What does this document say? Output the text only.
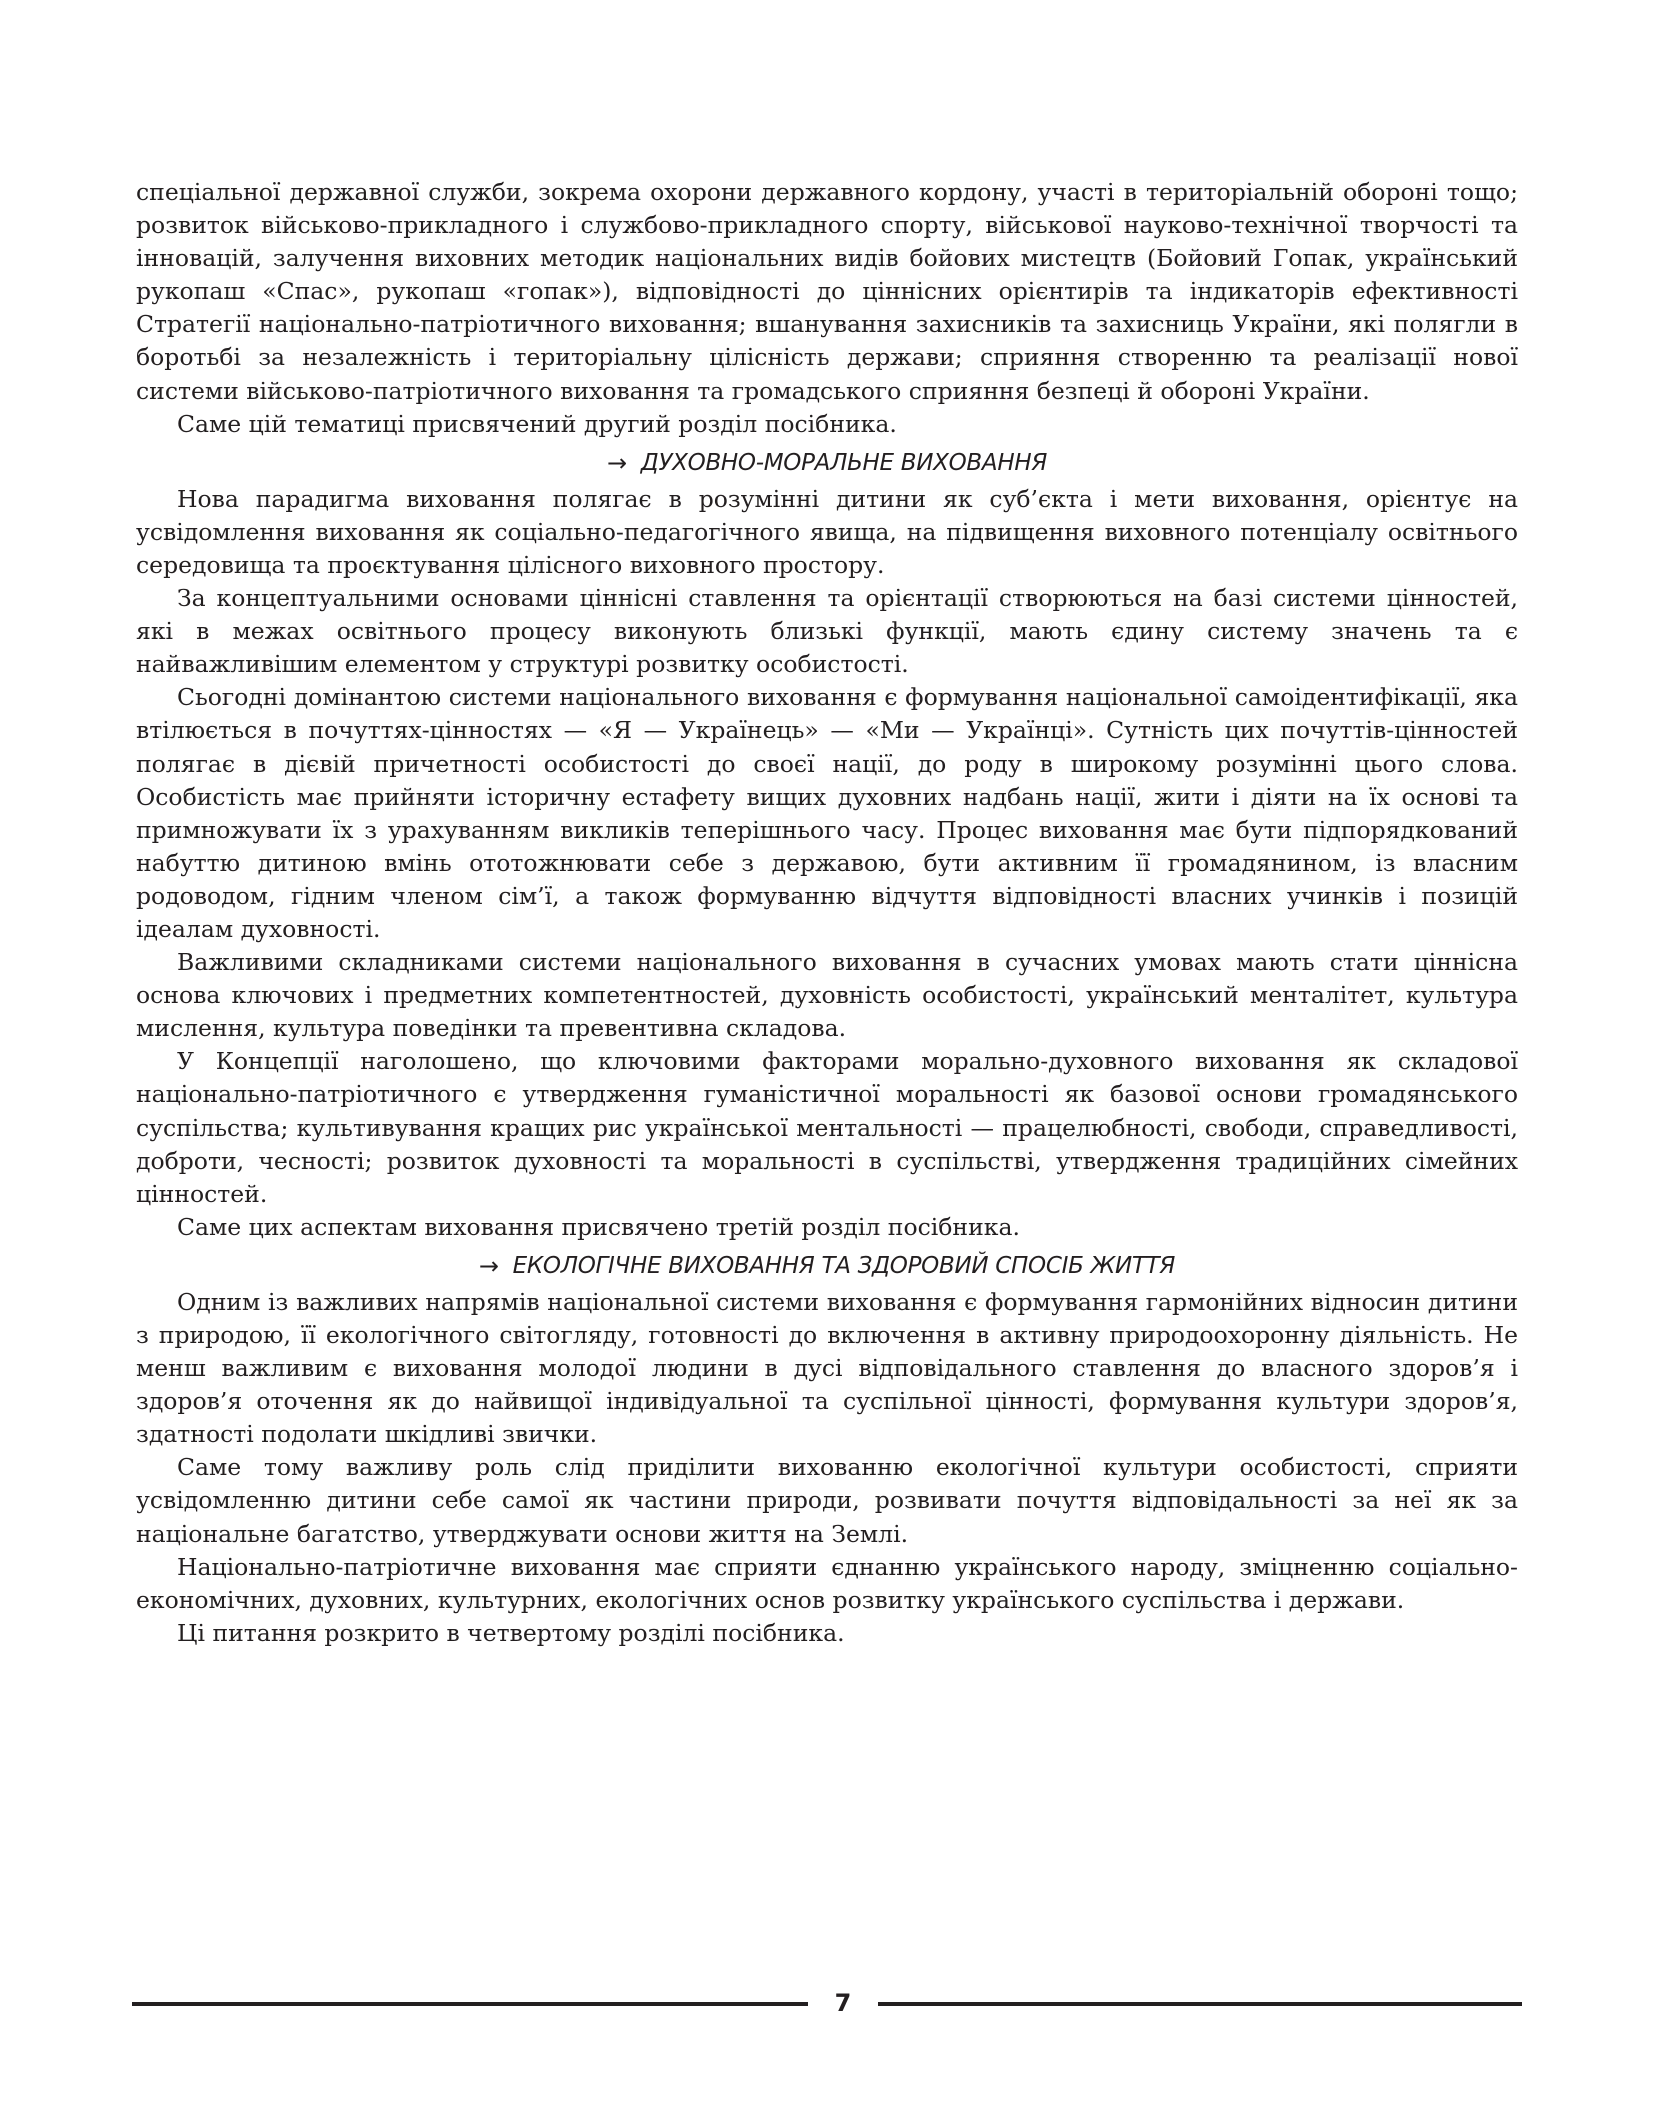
спеціальної державної служби, зокрема охорони державного кордону, участі в територіальній обороні тощо; розвиток військово-прикладного і службово-прикладного спорту, військової науково-технічної творчості та інновацій, залучення виховних методик національних видів бойових мистецтв (Бойовий Гопак, український рукопаш «Спас», рукопаш «гопак»), відповідності до ціннісних орієнтирів та індикаторів ефективності Стратегії національно-патріотичного виховання; вшанування захисників та захисниць України, які полягли в боротьбі за незалежність і територіальну цілісність держави; сприяння створенню та реалізації нової системи військово-патріотичного виховання та громадського сприяння безпеці й обороні України.

Саме цій тематиці присвячений другий розділ посібника.

→ ДУХОВНО-МОРАЛЬНЕ ВИХОВАННЯ

Нова парадигма виховання полягає в розумінні дитини як суб’єкта і мети виховання, орієнтує на усвідомлення виховання як соціально-педагогічного явища, на підвищення виховного потенціалу освітнього середовища та проєктування цілісного виховного простору.

За концептуальними основами ціннісні ставлення та орієнтації створюються на базі системи цінностей, які в межах освітнього процесу виконують близькі функції, мають єдину систему значень та є найважливішим елементом у структурі розвитку особистості.

Сьогодні домінантою системи національного виховання є формування національної самоідентифікації, яка втілюється в почуттях-цінностях — «Я — Українець» — «Ми — Українці». Сутність цих почуттів-цінностей полягає в дієвій причетності особистості до своєї нації, до роду в широкому розумінні цього слова. Особистість має прийняти історичну естафету вищих духовних надбань нації, жити і діяти на їх основі та примножувати їх з урахуванням викликів теперішнього часу. Процес виховання має бути підпорядкований набуттю дитиною вмінь ототожнювати себе з державою, бути активним її громадянином, із власним родоводом, гідним членом сім’ї, а також формуванню відчуття відповідності власних учинків і позицій ідеалам духовності.

Важливими складниками системи національного виховання в сучасних умовах мають стати ціннісна основа ключових і предметних компетентностей, духовність особистості, український менталітет, культура мислення, культура поведінки та превентивна складова.

У Концепції наголошено, що ключовими факторами морально-духовного виховання як складової національно-патріотичного є утвердження гуманістичної моральності як базової основи громадянського суспільства; культивування кращих рис української ментальності — працелюбності, свободи, справедливості, доброти, чесності; розвиток духовності та моральності в суспільстві, утвердження традиційних сімейних цінностей.

Саме цих аспектам виховання присвячено третій розділ посібника.

→ ЕКОЛОГІЧНЕ ВИХОВАННЯ ТА ЗДОРОВИЙ СПОСІБ ЖИТТЯ

Одним із важливих напрямів національної системи виховання є формування гармонійних відносин дитини з природою, її екологічного світогляду, готовності до включення в активну природоохоронну діяльність. Не менш важливим є виховання молодої людини в дусі відповідального ставлення до власного здоров’я і здоров’я оточення як до найвищої індивідуальної та суспільної цінності, формування культури здоров’я, здатності подолати шкідливі звички.

Саме тому важливу роль слід приділити вихованню екологічної культури особистості, сприяти усвідомленню дитини себе самої як частини природи, розвивати почуття відповідальності за неї як за національне багатство, утверджувати основи життя на Землі.

Національно-патріотичне виховання має сприяти єднанню українського народу, зміцненню соціально-економічних, духовних, культурних, екологічних основ розвитку українського суспільства і держави.

Ці питання розкрито в четвертому розділі посібника.

7
